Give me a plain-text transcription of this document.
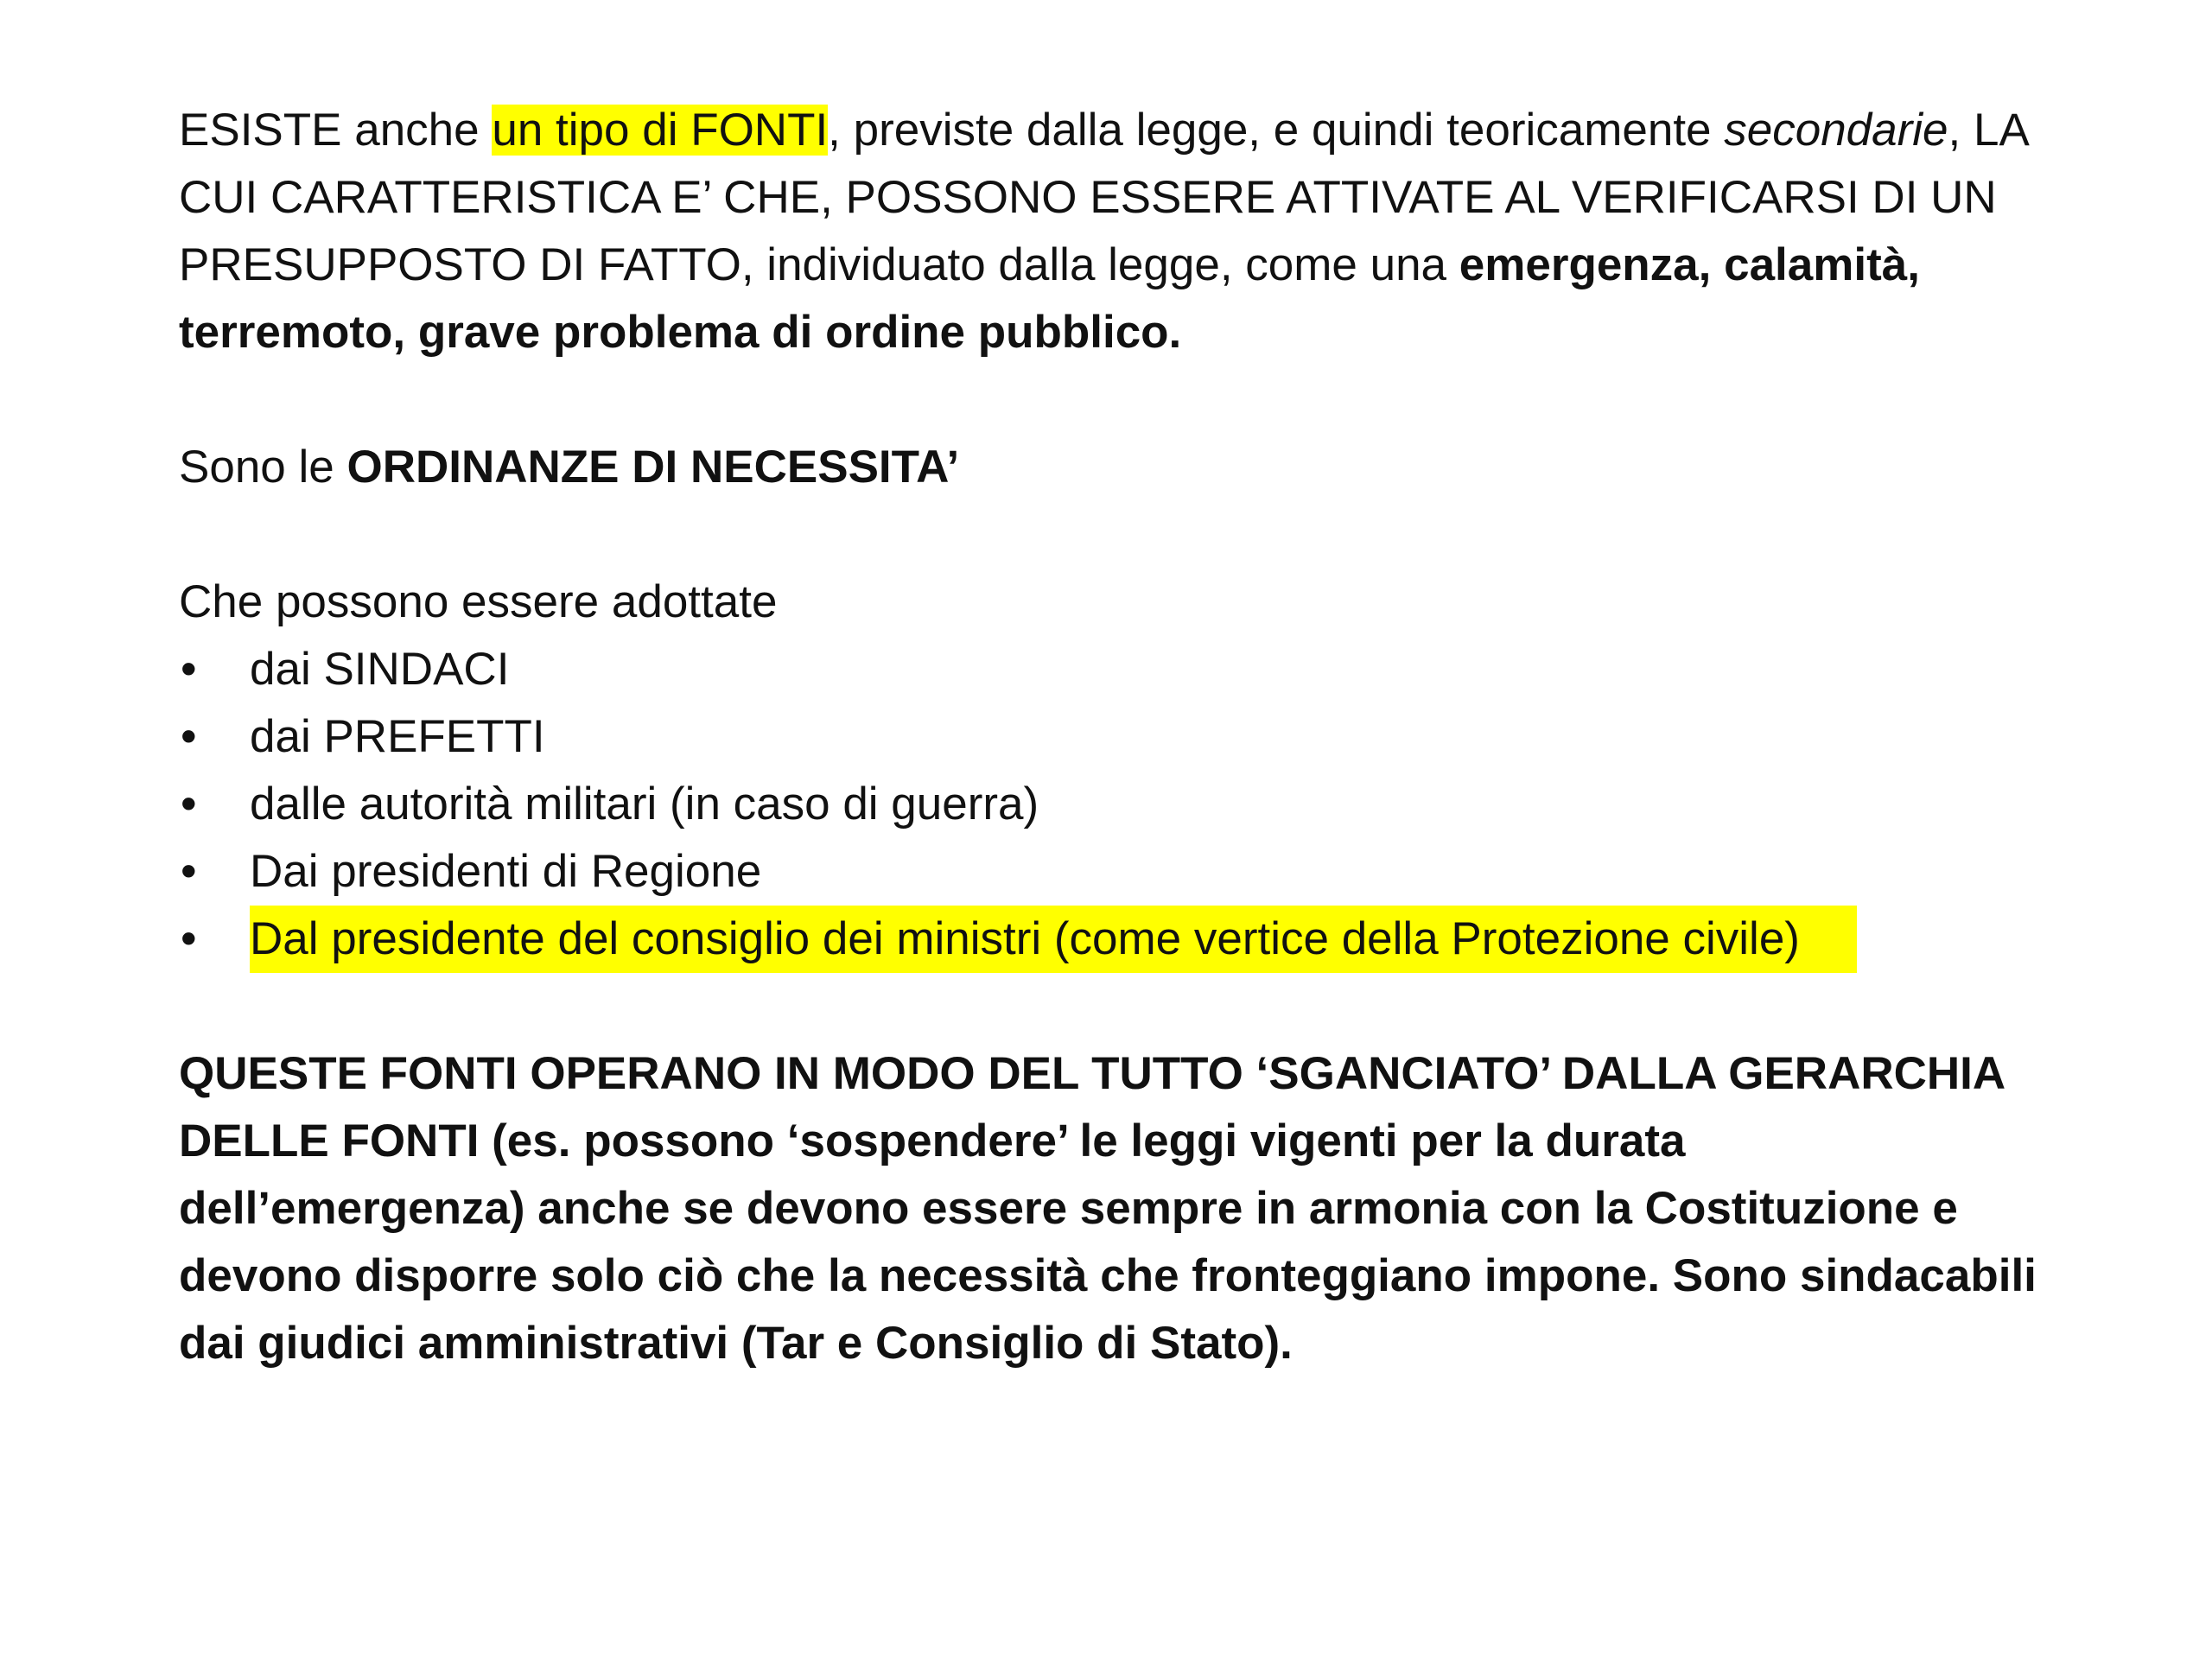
ESISTE anche un tipo di FONTI, previste dalla legge, e quindi teoricamente secondarie, LA CUI CARATTERISTICA E’ CHE, POSSONO ESSERE ATTIVATE AL VERIFICARSI DI UN PRESUPPOSTO DI FATTO, individuato dalla legge, come una emergenza, calamità, terremoto, grave problema di ordine pubblico.

Sono le ORDINANZE DI NECESSITA’

Che possono essere adottate

•	dai SINDACI
•	dai PREFETTI
•	dalle autorità militari (in caso di guerra)
•	Dai presidenti di Regione
•	Dal presidente del consiglio dei ministri (come vertice della Protezione civile)

QUESTE FONTI OPERANO IN MODO DEL TUTTO ‘SGANCIATO’ DALLA GERARCHIA DELLE FONTI (es. possono ‘sospendere’ le leggi vigenti per la durata dell’emergenza) anche se devono essere sempre in armonia con la Costituzione e devono disporre solo ciò che la necessità che fronteggiano impone. Sono sindacabili dai giudici amministrativi (Tar e Consiglio di Stato).
